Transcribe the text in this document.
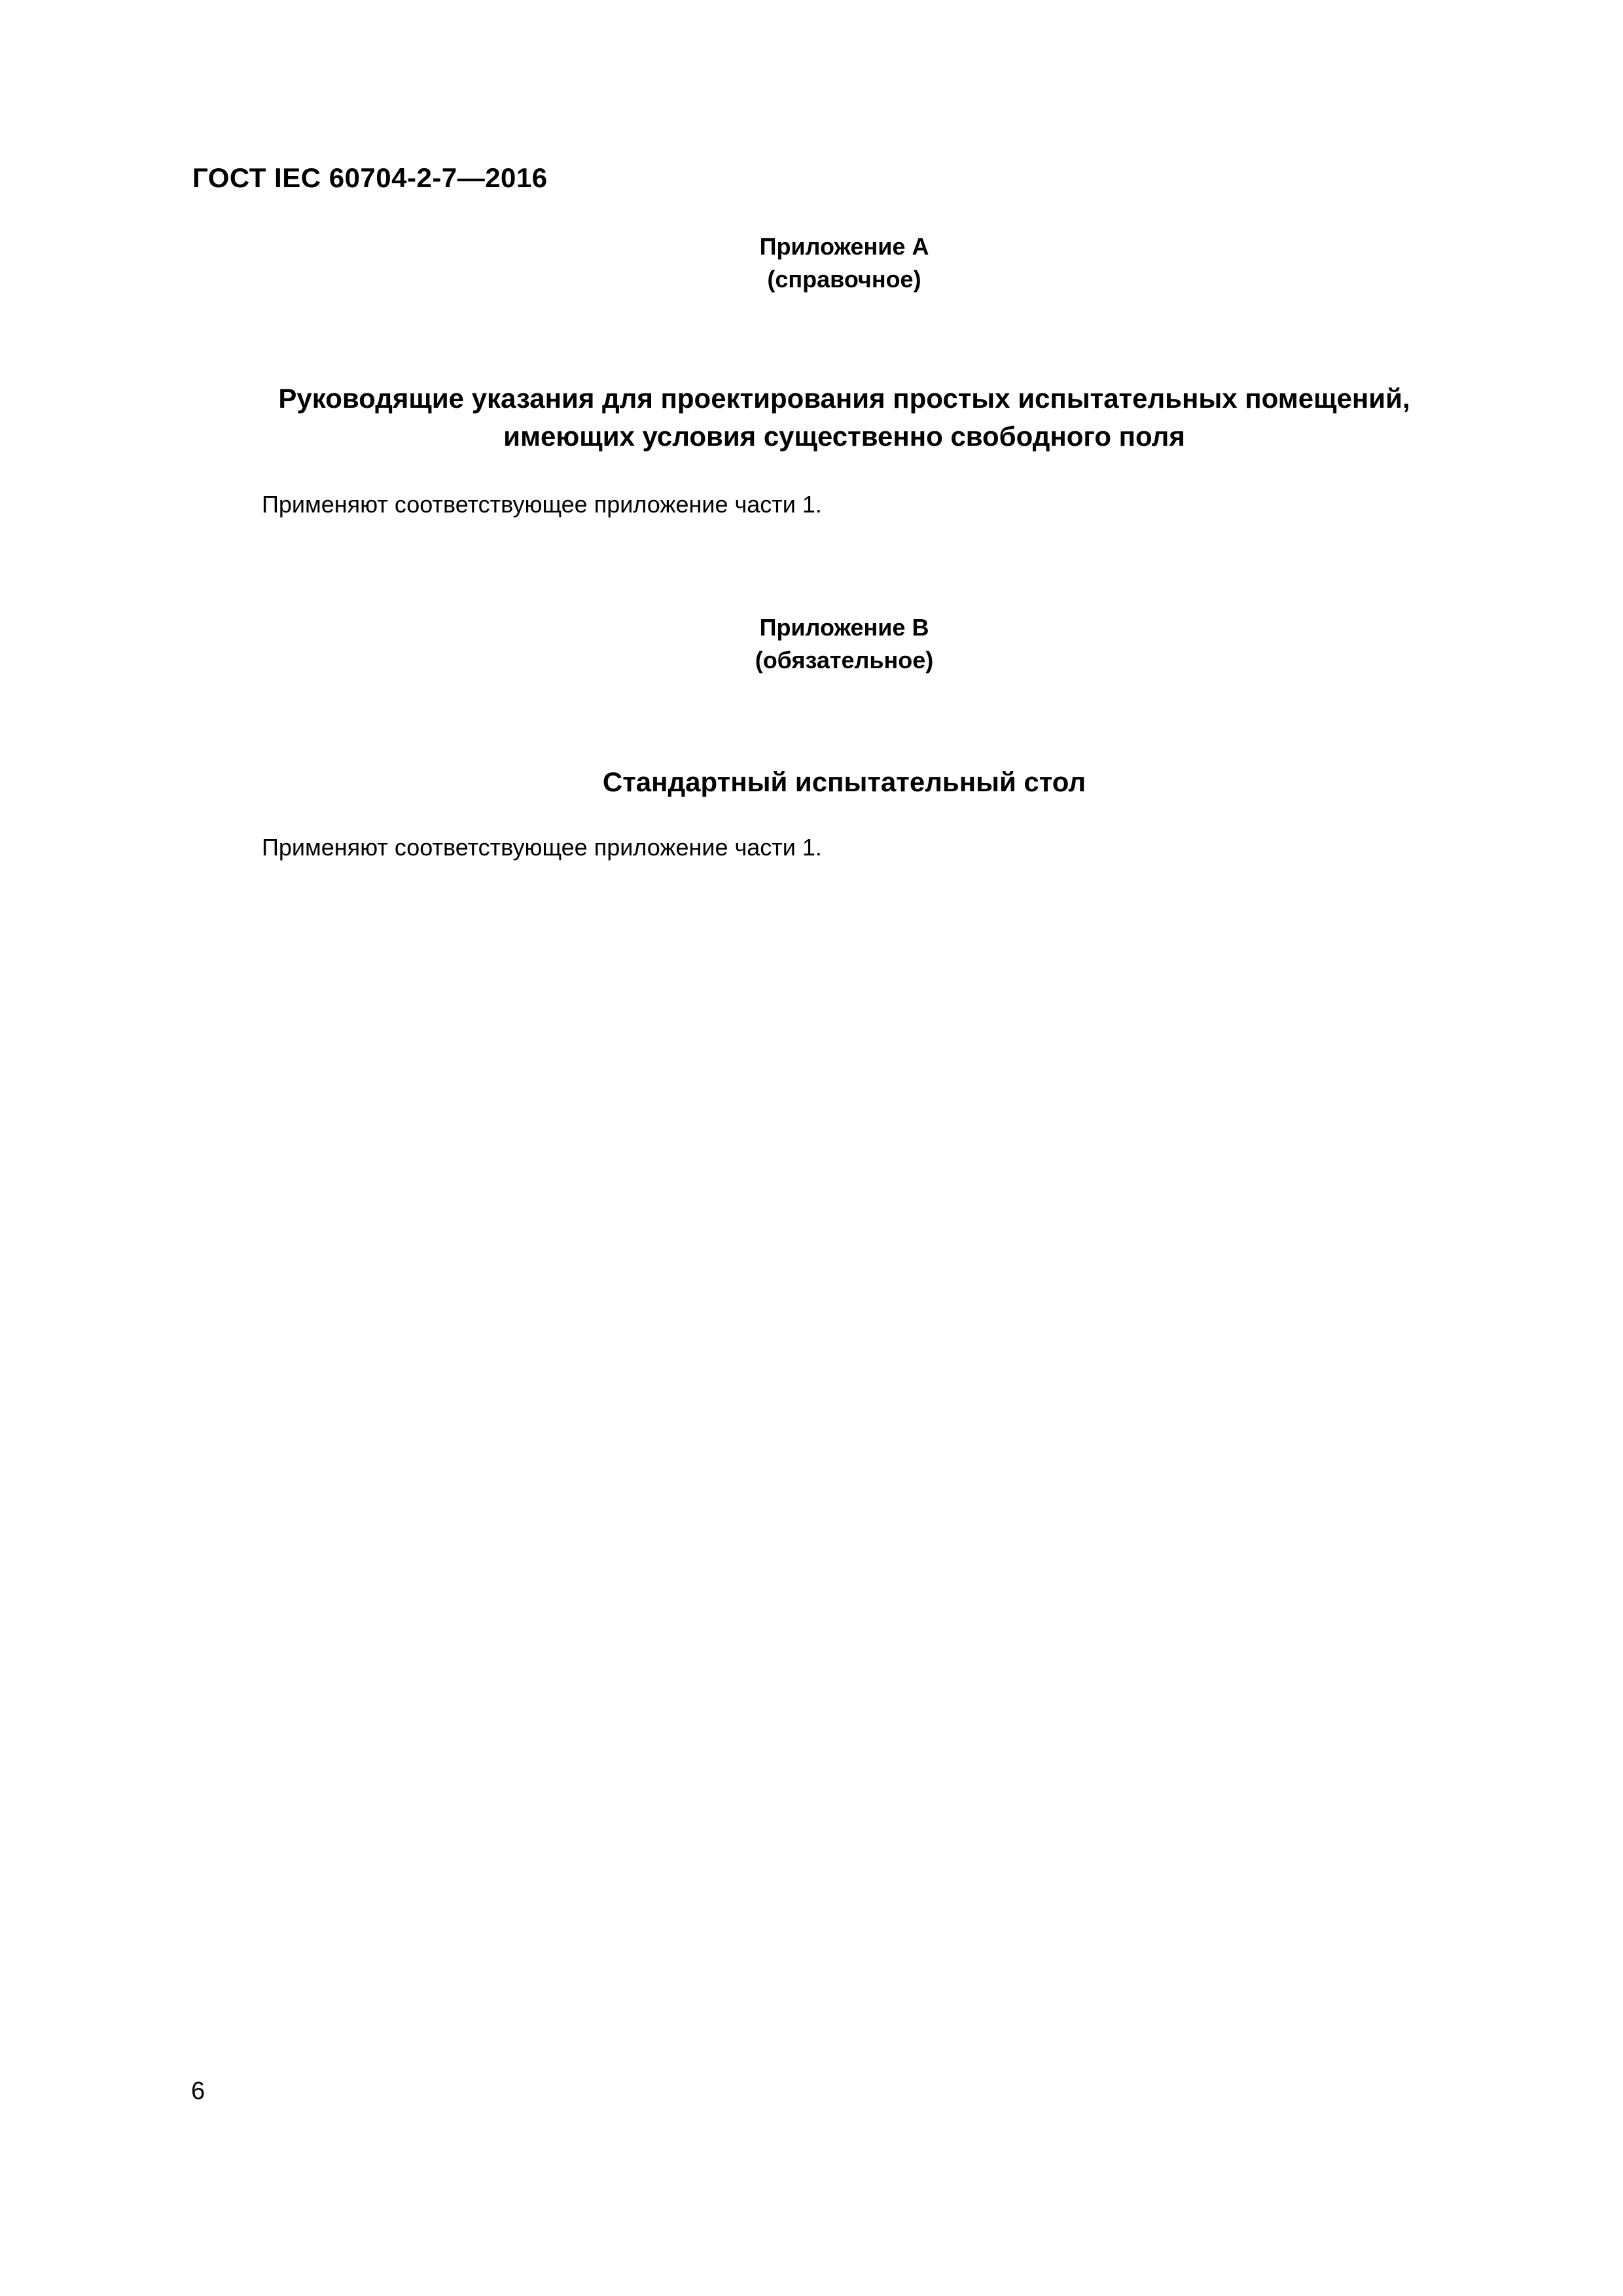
ГОСТ IEC 60704-2-7—2016
Приложение А
(справочное)
Руководящие указания для проектирования простых испытательных помещений,
имеющих условия существенно свободного поля

Применяют соответствующее приложение части 1.

Приложение В
(обязательное)
Стандартный испытательный стол

Применяют соответствующее приложение части 1.

6
